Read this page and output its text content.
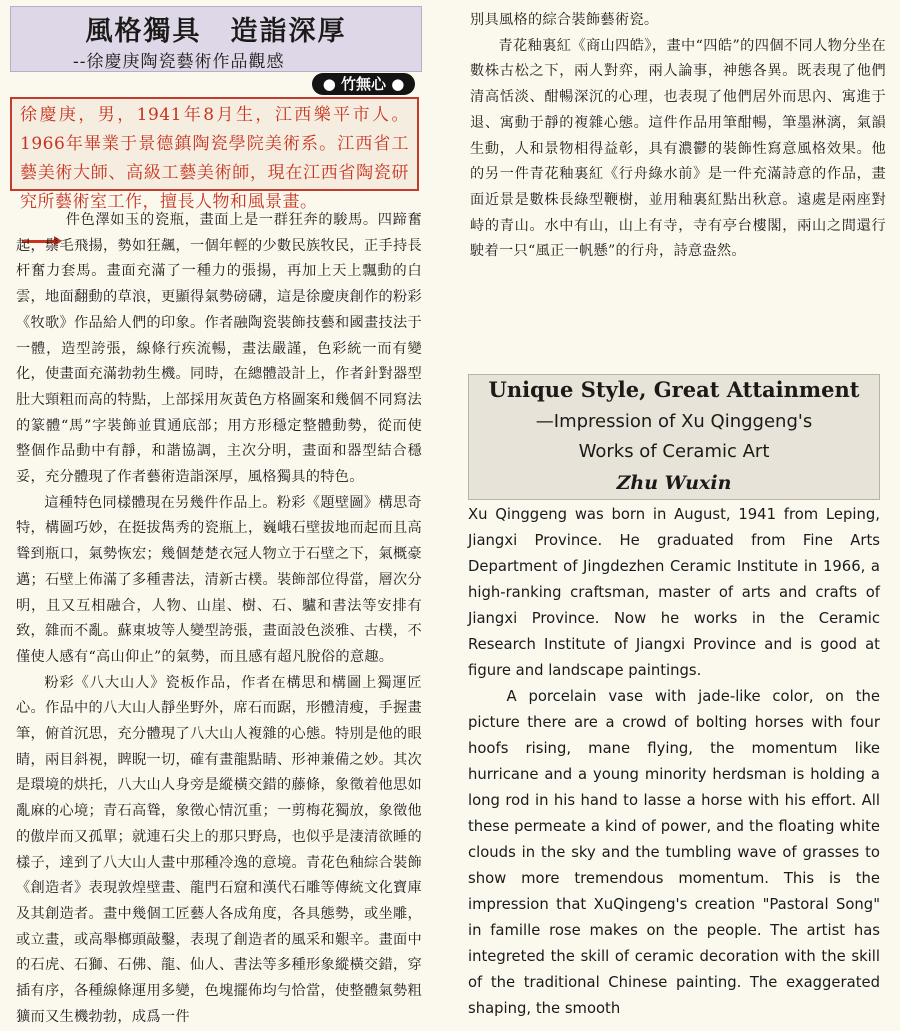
風格獨具　造詣深厚
--徐慶庚陶瓷藝術作品觀感
● 竹無心 ●

徐慶庚，男，1941年8月生，江西樂平市人。1966年畢業于景德鎮陶瓷學院美術系。江西省工藝美術大師、高級工藝美術師，現在江西省陶瓷研究所藝術室工作，擅長人物和風景畫。

件色澤如玉的瓷瓶，畫面上是一群狂奔的駿馬。四蹄奮起，鬃毛飛揚，勢如狂飆，一個年輕的少數民族牧民，正手持長杆奮力套馬。畫面充滿了一種力的張揚，再加上天上飄動的白雲，地面翻動的草浪，更顯得氣勢磅礴，這是徐慶庚創作的粉彩《牧歌》作品給人們的印象。作者融陶瓷裝飾技藝和國畫技法于一體，造型誇張，線條行疾流暢，畫法嚴謹，色彩統一而有變化，使畫面充滿勃勃生機。同時，在總體設計上，作者針對器型肚大頸粗而高的特點，上部採用灰黃色方格圖案和幾個不同寫法的篆體“馬”字裝飾並貫通底部；用方形穩定整體動勢，從而使整個作品動中有靜，和諧協調，主次分明，畫面和器型結合穩妥，充分體現了作者藝術造詣深厚，風格獨具的特色。

這種特色同樣體現在另幾件作品上。粉彩《題壁圖》構思奇特，構圖巧妙，在挺拔雋秀的瓷瓶上，巍峨石壁拔地而起而且高聳到瓶口，氣勢恢宏；幾個楚楚衣冠人物立于石壁之下，氣概豪邁；石壁上佈滿了多種書法，清新古樸。裝飾部位得當，層次分明，且又互相融合，人物、山崖、樹、石、驢和書法等安排有致，雜而不亂。蘇東坡等人變型誇張，畫面設色淡雅、古樸，不僅使人感有“高山仰止”的氣勢，而且感有超凡脫俗的意趣。

粉彩《八大山人》瓷板作品，作者在構思和構圖上獨運匠心。作品中的八大山人靜坐野外，席石而踞，形體清瘦，手握畫筆，俯首沉思，充分體現了八大山人複雜的心態。特別是他的眼睛，兩目斜視，睥睨一切，確有畫龍點睛、形神兼備之妙。其次是環境的烘托，八大山人身旁是縱橫交錯的藤條，象徵着他思如亂麻的心境；青石高聳，象徵心情沉重；一剪梅花獨放，象徵他的傲岸而又孤單；就連石尖上的那只野鳥，也似乎是淒清欲睡的樣子，達到了八大山人畫中那種冷逸的意境。青花色釉綜合裝飾《創造者》表現敦煌壁畫、龍門石窟和漢代石雕等傳統文化寶庫及其創造者。畫中幾個工匠藝人各成角度，各具態勢，或坐雕，或立畫，或高舉榔頭敲鑿，表現了創造者的風采和艱辛。畫面中的石虎、石獅、石佛、龍、仙人、書法等多種形象縱橫交錯，穿插有序，各種線條運用多變，色塊擺佈均勻恰當，使整體氣勢粗獷而又生機勃勃，成爲一件

別具風格的綜合裝飾藝術瓷。

青花釉裏紅《商山四皓》，畫中“四皓”的四個不同人物分坐在數株古松之下，兩人對弈，兩人論事，神態各異。既表現了他們清高恬淡、酣暢深沉的心理，也表現了他們居外而思內、寓進于退、寓動于靜的複雜心態。這件作品用筆酣暢，筆墨淋漓，氣韻生動，人和景物相得益彰，具有濃鬱的裝飾性寫意風格效果。他的另一件青花釉裏紅《行舟綠水前》是一件充滿詩意的作品，畫面近景是數株長綠型鞭樹，並用釉裏紅點出秋意。遠處是兩座對峙的青山。水中有山，山上有寺，寺有亭台樓閣，兩山之間還行駛着一只“風正一帆懸”的行舟，詩意盎然。

Unique Style, Great Attainment
—Impression of Xu Qinggeng's
Works of Ceramic Art
Zhu Wuxin

Xu Qinggeng was born in August, 1941 from Leping, Jiangxi Province. He graduated from Fine Arts Department of Jingdezhen Ceramic Institute in 1966, a high-ranking craftsman, master of arts and crafts of Jiangxi Province. Now he works in the Ceramic Research Institute of Jiangxi Province and is good at figure and landscape paintings.

A porcelain vase with jade-like color, on the picture there are a crowd of bolting horses with four hoofs rising, mane flying, the momentum like hurricane and a young minority herdsman is holding a long rod in his hand to lasse a horse with his effort. All these permeate a kind of power, and the floating white clouds in the sky and the tumbling wave of grasses to show more tremendous momentum. This is the impression that XuQingeng's creation "Pastoral Song" in famille rose makes on the people. The artist has integreted the skill of ceramic decoration with the skill of the traditional Chinese painting. The exaggerated shaping, the smooth
